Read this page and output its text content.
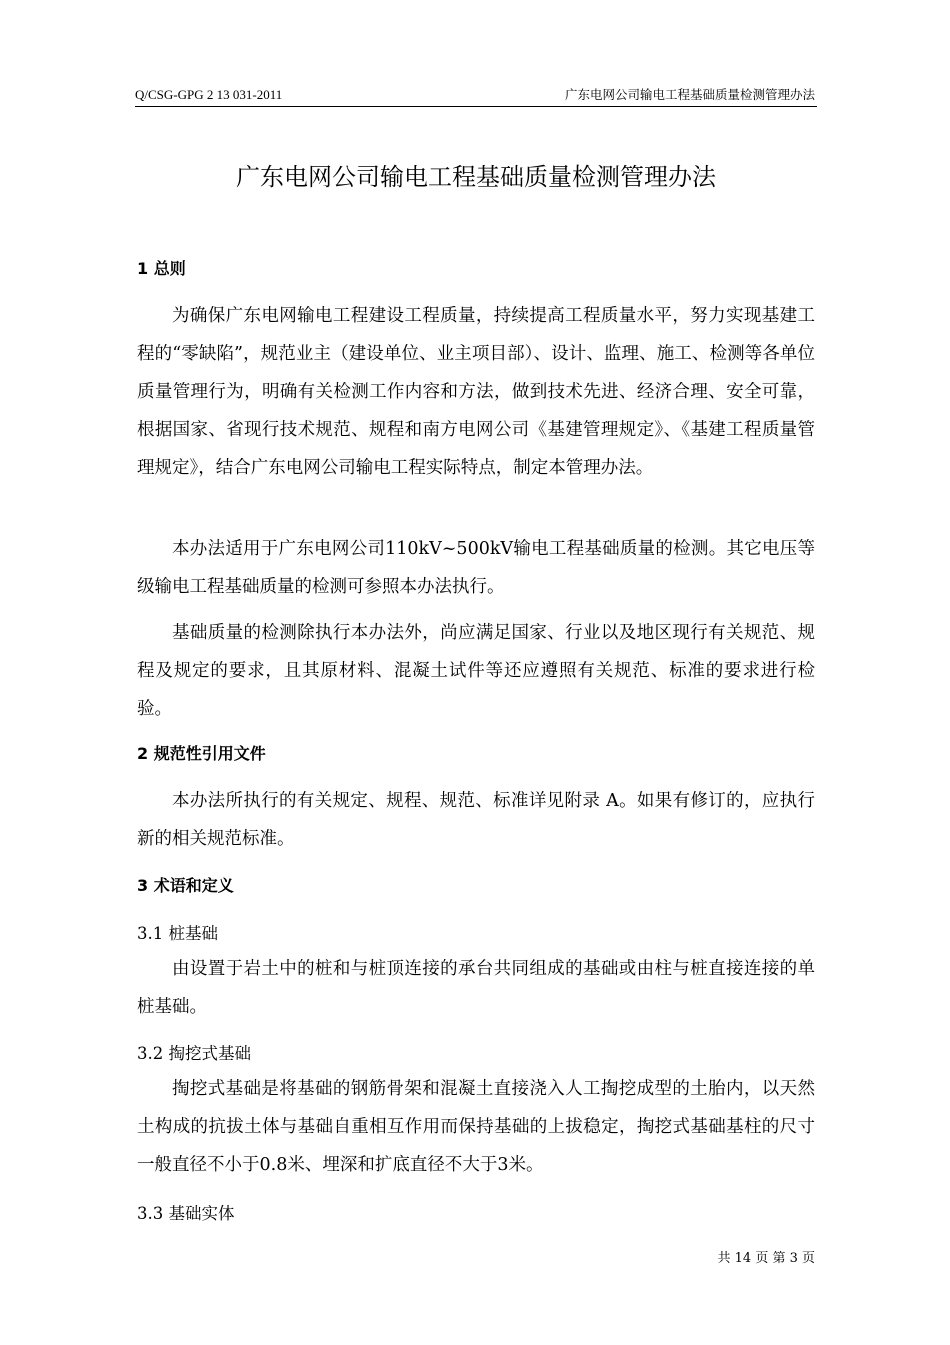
Q/CSG-GPG 2 13 031-2011	广东电网公司输电工程基础质量检测管理办法
广东电网公司输电工程基础质量检测管理办法
1 总则

为确保广东电网输电工程建设工程质量，持续提高工程质量水平，努力实现基建工程的“零缺陷”，规范业主（建设单位、业主项目部）、设计、监理、施工、检测等各单位质量管理行为，明确有关检测工作内容和方法，做到技术先进、经济合理、安全可靠，根据国家、省现行技术规范、规程和南方电网公司《基建管理规定》、《基建工程质量管理规定》，结合广东电网公司输电工程实际特点，制定本管理办法。

本办法适用于广东电网公司110kV~500kV输电工程基础质量的检测。其它电压等级输电工程基础质量的检测可参照本办法执行。

基础质量的检测除执行本办法外，尚应满足国家、行业以及地区现行有关规范、规程及规定的要求，且其原材料、混凝土试件等还应遵照有关规范、标准的要求进行检验。

2 规范性引用文件

本办法所执行的有关规定、规程、规范、标准详见附录 A。如果有修订的，应执行新的相关规范标准。

3 术语和定义
3.1 桩基础

由设置于岩土中的桩和与桩顶连接的承台共同组成的基础或由柱与桩直接连接的单桩基础。

3.2 掏挖式基础

掏挖式基础是将基础的钢筋骨架和混凝土直接浇入人工掏挖成型的土胎内，以天然土构成的抗拔土体与基础自重相互作用而保持基础的上拔稳定，掏挖式基础基柱的尺寸一般直径不小于0.8米、埋深和扩底直径不大于3米。

3.3 基础实体
共 14 页 第 3 页
